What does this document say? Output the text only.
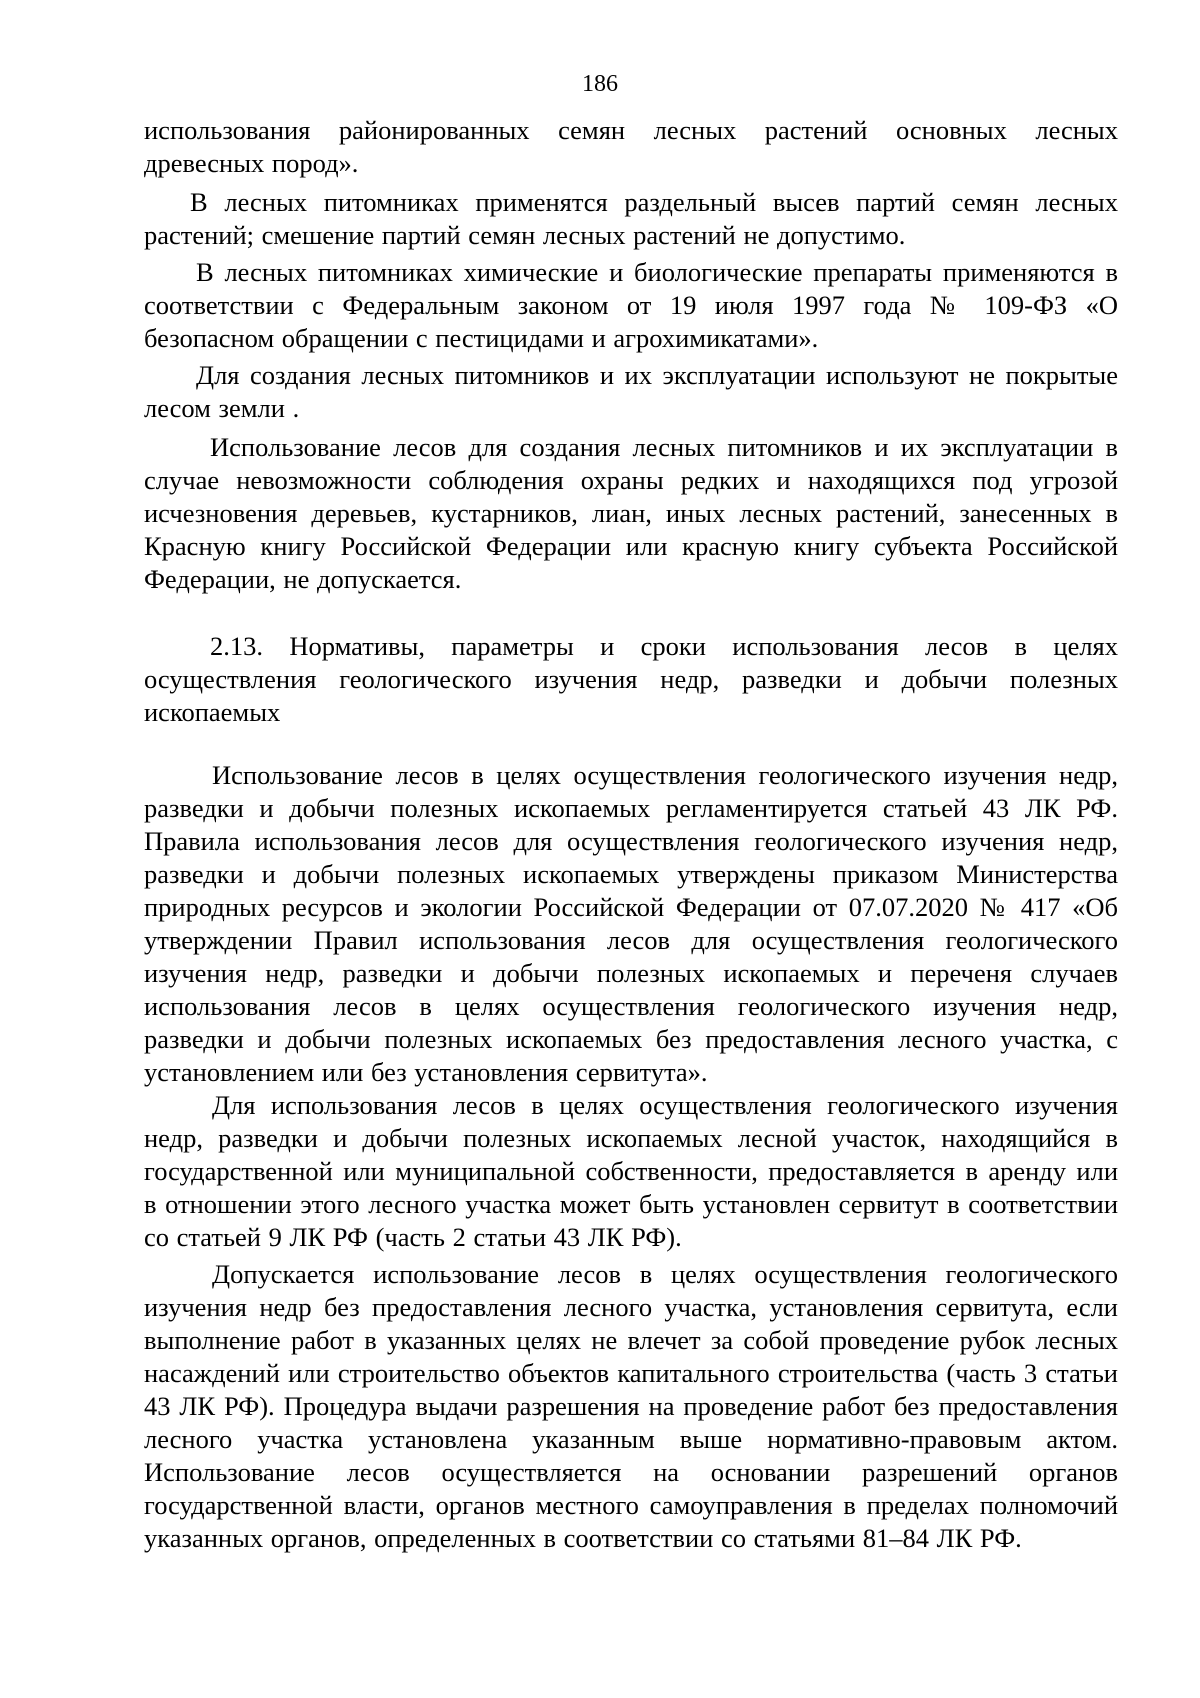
186

использования районированных семян лесных растений основных лесных древесных пород».

В лесных питомниках применятся раздельный высев партий семян лесных растений; смешение партий семян лесных растений не допустимо.

В лесных питомниках химические и биологические препараты применяются в соответствии с Федеральным законом от 19 июля 1997 года № 109-ФЗ «О безопасном обращении с пестицидами и агрохимикатами».

Для создания лесных питомников и их эксплуатации используют не покрытые лесом земли .

Использование лесов для создания лесных питомников и их эксплуатации в случае невозможности соблюдения охраны редких и находящихся под угрозой исчезновения деревьев, кустарников, лиан, иных лесных растений, занесенных в Красную книгу Российской Федерации или красную книгу субъекта Российской Федерации, не допускается.

2.13. Нормативы, параметры и сроки использования лесов в целях осуществления геологического изучения недр, разведки и добычи полезных ископаемых

Использование лесов в целях осуществления геологического изучения недр, разведки и добычи полезных ископаемых регламентируется статьей 43 ЛК РФ. Правила использования лесов для осуществления геологического изучения недр, разведки и добычи полезных ископаемых утверждены приказом Министерства природных ресурсов и экологии Российской Федерации от 07.07.2020 № 417 «Об утверждении Правил использования лесов для осуществления геологического изучения недр, разведки и добычи полезных ископаемых и переченя случаев использования лесов в целях осуществления геологического изучения недр, разведки и добычи полезных ископаемых без предоставления лесного участка, с установлением или без установления сервитута».

Для использования лесов в целях осуществления геологического изучения недр, разведки и добычи полезных ископаемых лесной участок, находящийся в государственной или муниципальной собственности, предоставляется в аренду или в отношении этого лесного участка может быть установлен сервитут в соответствии со статьей 9 ЛК РФ (часть 2 статьи 43 ЛК РФ).

Допускается использование лесов в целях осуществления геологического изучения недр без предоставления лесного участка, установления сервитута, если выполнение работ в указанных целях не влечет за собой проведение рубок лесных насаждений или строительство объектов капитального строительства (часть 3 статьи 43 ЛК РФ). Процедура выдачи разрешения на проведение работ без предоставления лесного участка установлена указанным выше нормативно-правовым актом. Использование лесов осуществляется на основании разрешений органов государственной власти, органов местного самоуправления в пределах полномочий указанных органов, определенных в соответствии со статьями 81–84 ЛК РФ.
